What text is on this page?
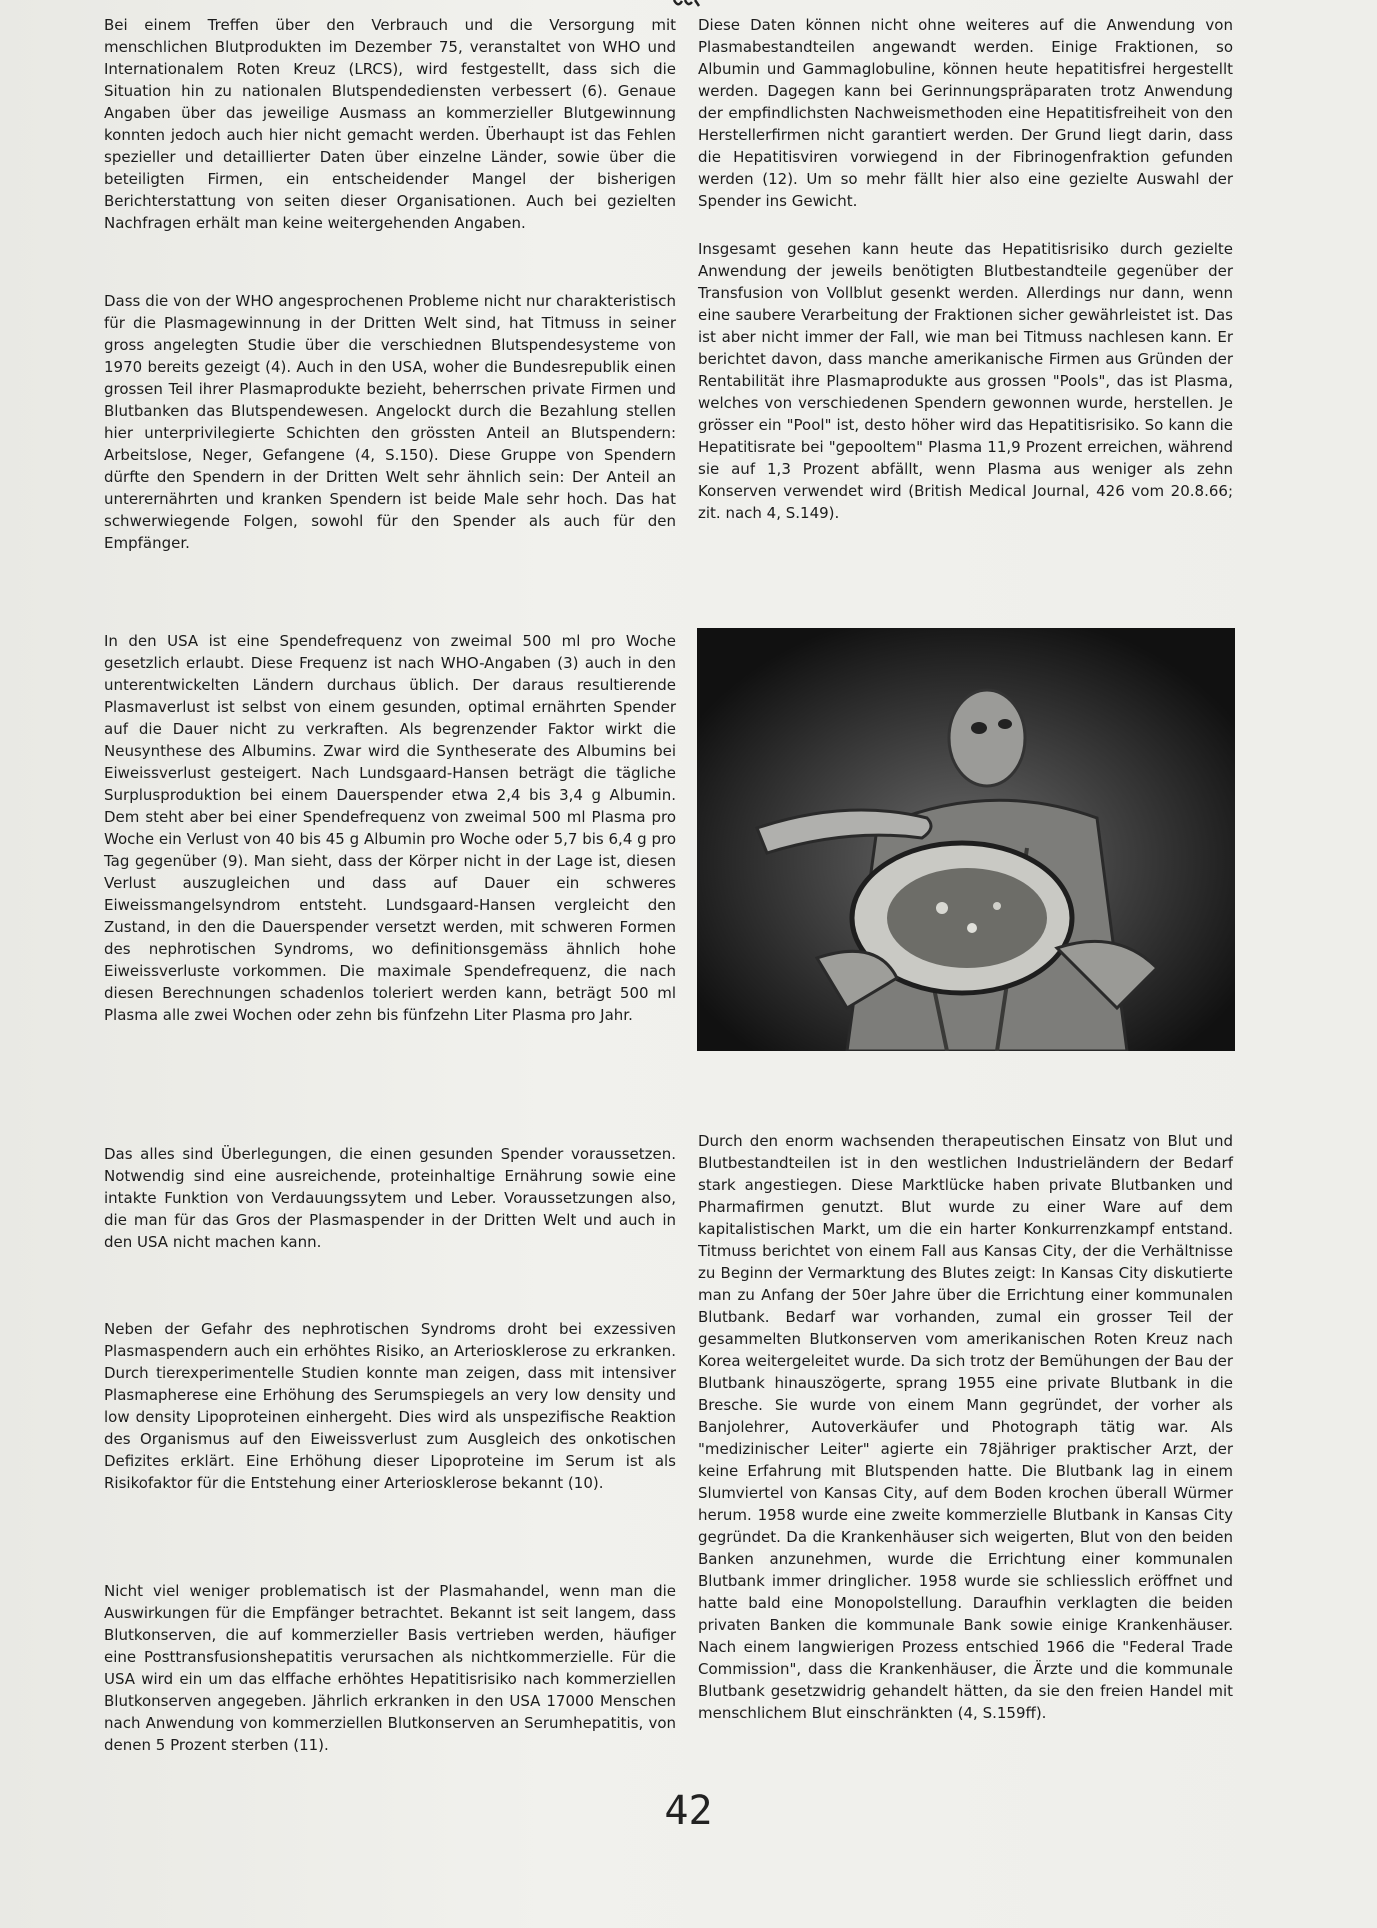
Bei einem Treffen über den Verbrauch und die Versorgung mit menschlichen Blutprodukten im Dezember 75, veranstaltet von WHO und Internationalem Roten Kreuz (LRCS), wird festgestellt, dass sich die Situation hin zu nationalen Blutspendediensten verbessert (6). Genaue Angaben über das jeweilige Ausmass an kommerzieller Blutgewinnung konnten jedoch auch hier nicht gemacht werden. Überhaupt ist das Fehlen spezieller und detaillierter Daten über einzelne Länder, sowie über die beteiligten Firmen, ein entscheidender Mangel der bisherigen Berichterstattung von seiten dieser Organisationen. Auch bei gezielten Nachfragen erhält man keine weitergehenden Angaben.

Dass die von der WHO angesprochenen Probleme nicht nur charakteristisch für die Plasmagewinnung in der Dritten Welt sind, hat Titmuss in seiner gross angelegten Studie über die verschiednen Blutspendesysteme von 1970 bereits gezeigt (4). Auch in den USA, woher die Bundesrepublik einen grossen Teil ihrer Plasmaprodukte bezieht, beherrschen private Firmen und Blutbanken das Blutspendewesen. Angelockt durch die Bezahlung stellen hier unterprivilegierte Schichten den grössten Anteil an Blutspendern: Arbeitslose, Neger, Gefangene (4, S.150). Diese Gruppe von Spendern dürfte den Spendern in der Dritten Welt sehr ähnlich sein: Der Anteil an unterernährten und kranken Spendern ist beide Male sehr hoch. Das hat schwerwiegende Folgen, sowohl für den Spender als auch für den Empfänger.

In den USA ist eine Spendefrequenz von zweimal 500 ml pro Woche gesetzlich erlaubt. Diese Frequenz ist nach WHO-Angaben (3) auch in den unterentwickelten Ländern durchaus üblich. Der daraus resultierende Plasmaverlust ist selbst von einem gesunden, optimal ernährten Spender auf die Dauer nicht zu verkraften. Als begrenzender Faktor wirkt die Neusynthese des Albumins. Zwar wird die Syntheserate des Albumins bei Eiweissverlust gesteigert. Nach Lundsgaard-Hansen beträgt die tägliche Surplusproduktion bei einem Dauerspender etwa 2,4 bis 3,4 g Albumin. Dem steht aber bei einer Spendefrequenz von zweimal 500 ml Plasma pro Woche ein Verlust von 40 bis 45 g Albumin pro Woche oder 5,7 bis 6,4 g pro Tag gegenüber (9). Man sieht, dass der Körper nicht in der Lage ist, diesen Verlust auszugleichen und dass auf Dauer ein schweres Eiweissmangelsyndrom entsteht. Lundsgaard-Hansen vergleicht den Zustand, in den die Dauerspender versetzt werden, mit schweren Formen des nephrotischen Syndroms, wo definitionsgemäss ähnlich hohe Eiweissverluste vorkommen. Die maximale Spendefrequenz, die nach diesen Berechnungen schadenlos toleriert werden kann, beträgt 500 ml Plasma alle zwei Wochen oder zehn bis fünfzehn Liter Plasma pro Jahr.

Das alles sind Überlegungen, die einen gesunden Spender voraussetzen. Notwendig sind eine ausreichende, proteinhaltige Ernährung sowie eine intakte Funktion von Verdauungssytem und Leber. Voraussetzungen also, die man für das Gros der Plasmaspender in der Dritten Welt und auch in den USA nicht machen kann.

Neben der Gefahr des nephrotischen Syndroms droht bei exzessiven Plasmaspendern auch ein erhöhtes Risiko, an Arteriosklerose zu erkranken. Durch tierexperimentelle Studien konnte man zeigen, dass mit intensiver Plasmapherese eine Erhöhung des Serumspiegels an very low density und low density Lipoproteinen einhergeht. Dies wird als unspezifische Reaktion des Organismus auf den Eiweissverlust zum Ausgleich des onkotischen Defizites erklärt. Eine Erhöhung dieser Lipoproteine im Serum ist als Risikofaktor für die Entstehung einer Arteriosklerose bekannt (10).

Nicht viel weniger problematisch ist der Plasmahandel, wenn man die Auswirkungen für die Empfänger betrachtet. Bekannt ist seit langem, dass Blutkonserven, die auf kommerzieller Basis vertrieben werden, häufiger eine Posttransfusionshepatitis verursachen als nichtkommerzielle. Für die USA wird ein um das elffache erhöhtes Hepatitisrisiko nach kommerziellen Blutkonserven angegeben. Jährlich erkranken in den USA 17000 Menschen nach Anwendung von kommerziellen Blutkonserven an Serumhepatitis, von denen 5 Prozent sterben (11).

Diese Daten können nicht ohne weiteres auf die Anwendung von Plasmabestandteilen angewandt werden. Einige Fraktionen, so Albumin und Gammaglobuline, können heute hepatitisfrei hergestellt werden. Dagegen kann bei Gerinnungspräparaten trotz Anwendung der empfindlichsten Nachweismethoden eine Hepatitisfreiheit von den Herstellerfirmen nicht garantiert werden. Der Grund liegt darin, dass die Hepatitisviren vorwiegend in der Fibrinogenfraktion gefunden werden (12). Um so mehr fällt hier also eine gezielte Auswahl der Spender ins Gewicht.

Insgesamt gesehen kann heute das Hepatitisrisiko durch gezielte Anwendung der jeweils benötigten Blutbestandteile gegenüber der Transfusion von Vollblut gesenkt werden. Allerdings nur dann, wenn eine saubere Verarbeitung der Fraktionen sicher gewährleistet ist. Das ist aber nicht immer der Fall, wie man bei Titmuss nachlesen kann. Er berichtet davon, dass manche amerikanische Firmen aus Gründen der Rentabilität ihre Plasmaprodukte aus grossen "Pools", das ist Plasma, welches von verschiedenen Spendern gewonnen wurde, herstellen. Je grösser ein "Pool" ist, desto höher wird das Hepatitisrisiko. So kann die Hepatitisrate bei "gepooltem" Plasma 11,9 Prozent erreichen, während sie auf 1,3 Prozent abfällt, wenn Plasma aus weniger als zehn Konserven verwendet wird (British Medical Journal, 426 vom 20.8.66; zit. nach 4, S.149).

Durch den enorm wachsenden therapeutischen Einsatz von Blut und Blutbestandteilen ist in den westlichen Industrieländern der Bedarf stark angestiegen. Diese Marktlücke haben private Blutbanken und Pharmafirmen genutzt. Blut wurde zu einer Ware auf dem kapitalistischen Markt, um die ein harter Konkurrenzkampf entstand. Titmuss berichtet von einem Fall aus Kansas City, der die Verhältnisse zu Beginn der Vermarktung des Blutes zeigt: In Kansas City diskutierte man zu Anfang der 50er Jahre über die Errichtung einer kommunalen Blutbank. Bedarf war vorhanden, zumal ein grosser Teil der gesammelten Blutkonserven vom amerikanischen Roten Kreuz nach Korea weitergeleitet wurde. Da sich trotz der Bemühungen der Bau der Blutbank hinauszögerte, sprang 1955 eine private Blutbank in die Bresche. Sie wurde von einem Mann gegründet, der vorher als Banjolehrer, Autoverkäufer und Photograph tätig war. Als "medizinischer Leiter" agierte ein 78jähriger praktischer Arzt, der keine Erfahrung mit Blutspenden hatte. Die Blutbank lag in einem Slumviertel von Kansas City, auf dem Boden krochen überall Würmer herum. 1958 wurde eine zweite kommerzielle Blutbank in Kansas City gegründet. Da die Krankenhäuser sich weigerten, Blut von den beiden Banken anzunehmen, wurde die Errichtung einer kommunalen Blutbank immer dringlicher. 1958 wurde sie schliesslich eröffnet und hatte bald eine Monopolstellung. Daraufhin verklagten die beiden privaten Banken die kommunale Bank sowie einige Krankenhäuser. Nach einem langwierigen Prozess entschied 1966 die "Federal Trade Commission", dass die Krankenhäuser, die Ärzte und die kommunale Blutbank gesetzwidrig gehandelt hätten, da sie den freien Handel mit menschlichem Blut einschränkten (4, S.159ff).

42
